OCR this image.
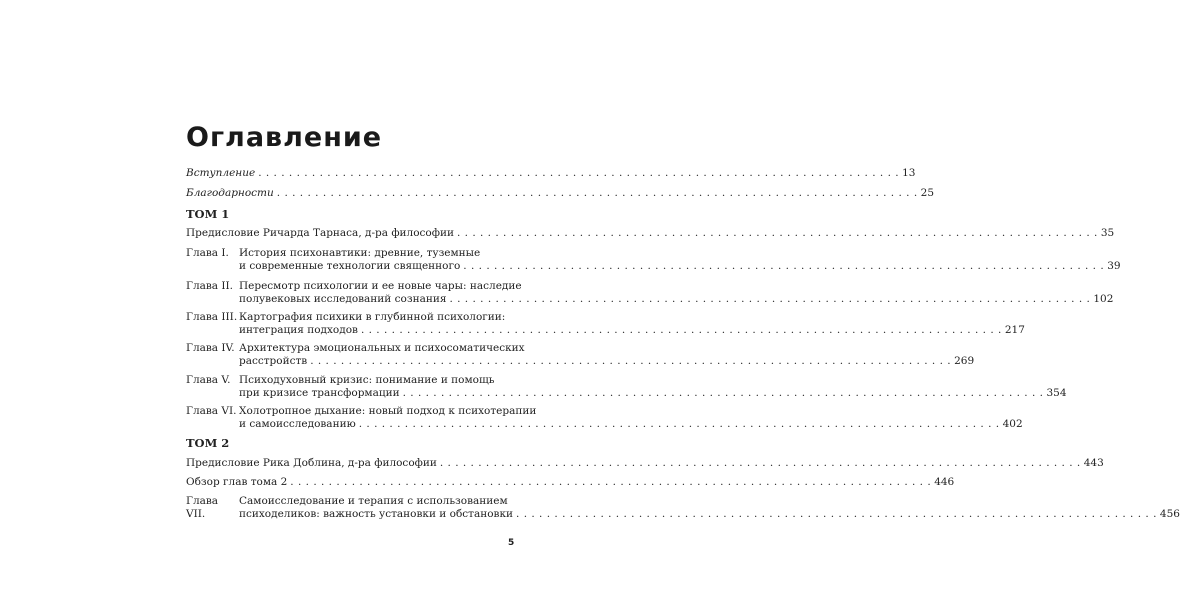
Оглавление
Вступление . . .	13
Благодарности . . .	25

ТОМ 1

Предисловие Ричарда Тарнаса, д-ра философии . . .	35
Глава I. История психонавтики: древние, туземные
и современные технологии священного . . .	39
Глава II. Пересмотр психологии и ее новые чары: наследие
полувековых исследований сознания . . .	102
Глава III. Картография психики в глубинной психологии:
интеграция подходов . . .	217
Глава IV. Архитектура эмоциональных и психосоматических
расстройств . . .	269
Глава V. Психодуховный кризис: понимание и помощь
при кризисе трансформации . . .	354
Глава VI. Холотропное дыхание: новый подход к психотерапии
и самоисследованию . . .	402

ТОМ 2

Предисловие Рика Доблина, д-ра философии . . .	443
Обзор глав тома 2 . . .	446
Глава VII.
Самоисследование и терапия с использованием
психоделиков: важность установки и обстановки . . .	456
5
